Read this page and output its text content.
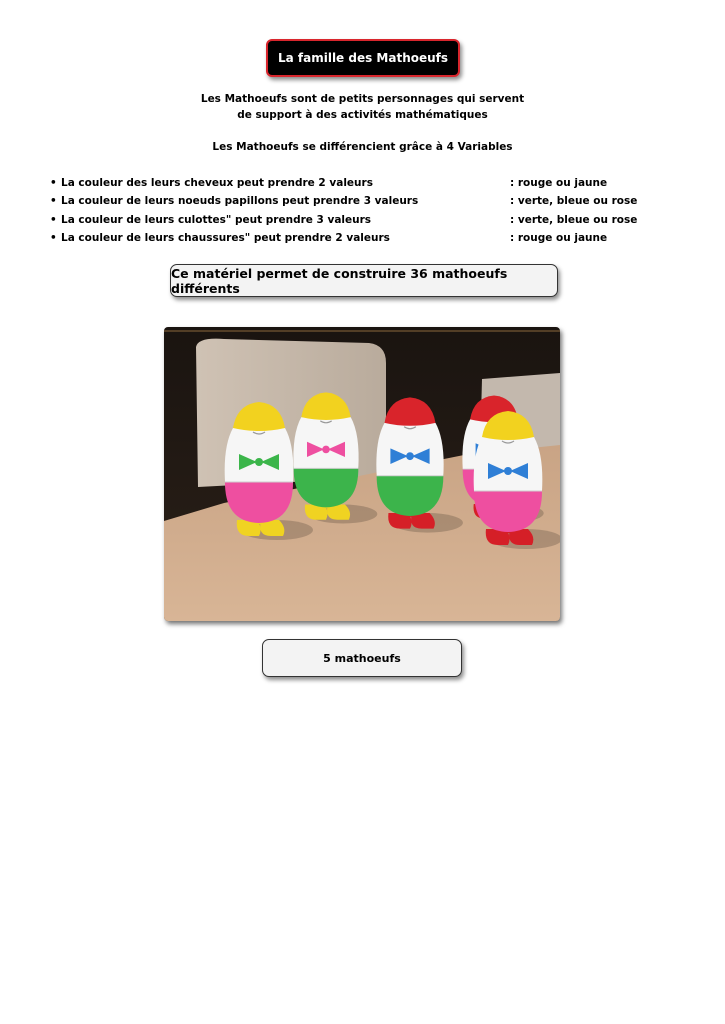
La famille des Mathoeufs
Les Mathoeufs sont de petits personnages qui servent
de support à des activités mathématiques
Les Mathoeufs se différencient grâce à 4 Variables
• La couleur des leurs cheveux peut prendre 2 valeurs	: rouge ou jaune
• La couleur de leurs noeuds papillons peut prendre 3 valeurs	: verte, bleue ou rose
• La couleur de leurs culottes" peut prendre 3 valeurs	: verte, bleue ou rose
• La couleur de leurs chaussures" peut prendre 2 valeurs	: rouge ou jaune
Ce matériel permet de construire 36 mathoeufs différents
5 mathoeufs
